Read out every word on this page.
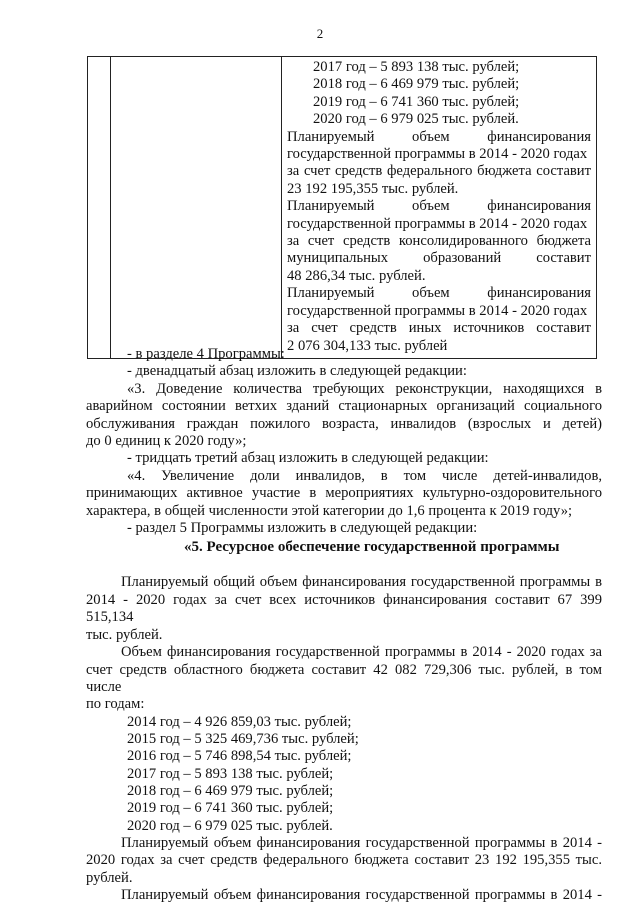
2

2017 год – 5 893 138 тыс. рублей;
2018 год – 6 469 979 тыс. рублей;
2019 год – 6 741 360 тыс. рублей;
2020 год – 6 979 025 тыс. рублей.
Планируемый объем финансирования
государственной программы в 2014 - 2020 годах
за счет средств федерального бюджета составит
23 192 195,355 тыс. рублей.
Планируемый объем финансирования
государственной программы в 2014 - 2020 годах
за счет средств консолидированного бюджета
муниципальных образований составит
48 286,34 тыс. рублей.
Планируемый объем финансирования
государственной программы в 2014 - 2020 годах
за счет средств иных источников составит
2 076 304,133 тыс. рублей
- в разделе 4 Программы:
- двенадцатый абзац изложить в следующей редакции:
«3. Доведение количества требующих реконструкции, находящихся в
аварийном состоянии ветхих зданий стационарных организаций социального
обслуживания граждан пожилого возраста, инвалидов (взрослых и детей)
до 0 единиц к 2020 году»;
- тридцать третий абзац изложить в следующей редакции:
«4. Увеличение доли инвалидов, в том числе детей-инвалидов,
принимающих активное участие в мероприятиях культурно-оздоровительного
характера, в общей численности этой категории до 1,6 процента к 2019 году»;
- раздел 5 Программы изложить в следующей редакции:
«5. Ресурсное обеспечение государственной программы
Планируемый общий объем финансирования государственной программы в
2014 - 2020 годах за счет всех источников финансирования составит 67 399 515,134
тыс. рублей.
Объем финансирования государственной программы в 2014 - 2020 годах за
счет средств областного бюджета составит 42 082 729,306 тыс. рублей, в том числе
по годам:
2014 год – 4 926 859,03 тыс. рублей;
2015 год – 5 325 469,736 тыс. рублей;
2016 год – 5 746 898,54 тыс. рублей;
2017 год – 5 893 138 тыс. рублей;
2018 год – 6 469 979 тыс. рублей;
2019 год – 6 741 360 тыс. рублей;
2020 год – 6 979 025 тыс. рублей.
Планируемый объем финансирования государственной программы в 2014 -
2020 годах за счет средств федерального бюджета составит 23 192 195,355 тыс.
рублей.
Планируемый объем финансирования государственной программы в 2014 -
